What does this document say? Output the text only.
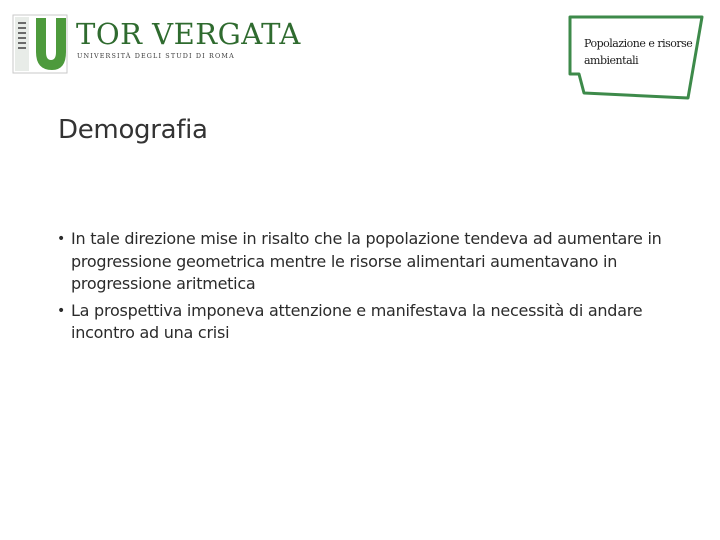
TOR VERGATA
UNIVERSITÀ DEGLI STUDI DI ROMA
Popolazione e risorse ambientali
Demografia
• In tale direzione mise in risalto che la popolazione tendeva ad aumentare in progressione geometrica mentre le risorse alimentari aumentavano in progressione aritmetica
• La prospettiva imponeva attenzione e manifestava la necessità di andare incontro ad una crisi
